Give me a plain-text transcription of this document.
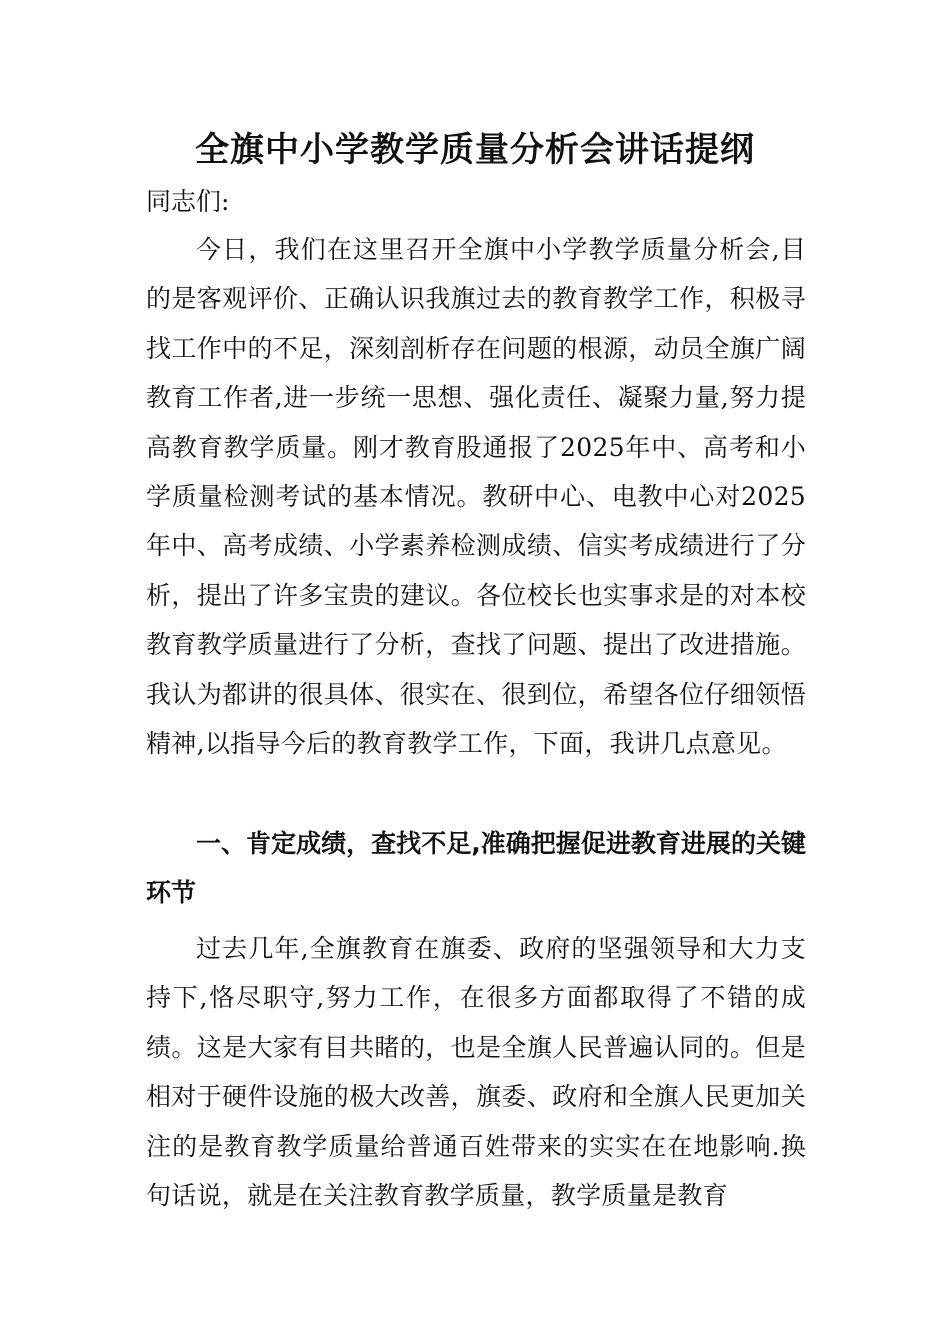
全旗中小学教学质量分析会讲话提纲

同志们:

今日，我们在这里召开全旗中小学教学质量分析会,目的是客观评价、正确认识我旗过去的教育教学工作，积极寻找工作中的不足，深刻剖析存在问题的根源，动员全旗广阔教育工作者,进一步统一思想、强化责任、凝聚力量,努力提高教育教学质量。刚才教育股通报了2025年中、高考和小学质量检测考试的基本情况。教研中心、电教中心对2025年中、高考成绩、小学素养检测成绩、信实考成绩进行了分析，提出了许多宝贵的建议。各位校长也实事求是的对本校教育教学质量进行了分析，查找了问题、提出了改进措施。我认为都讲的很具体、很实在、很到位，希望各位仔细领悟精神,以指导今后的教育教学工作，下面，我讲几点意见。

一、肯定成绩，查找不足,准确把握促进教育进展的关键环节

过去几年,全旗教育在旗委、政府的坚强领导和大力支持下,恪尽职守,努力工作，在很多方面都取得了不错的成绩。这是大家有目共睹的，也是全旗人民普遍认同的。但是相对于硬件设施的极大改善，旗委、政府和全旗人民更加关注的是教育教学质量给普通百姓带来的实实在在地影响.换句话说，就是在关注教育教学质量，教学质量是教育
